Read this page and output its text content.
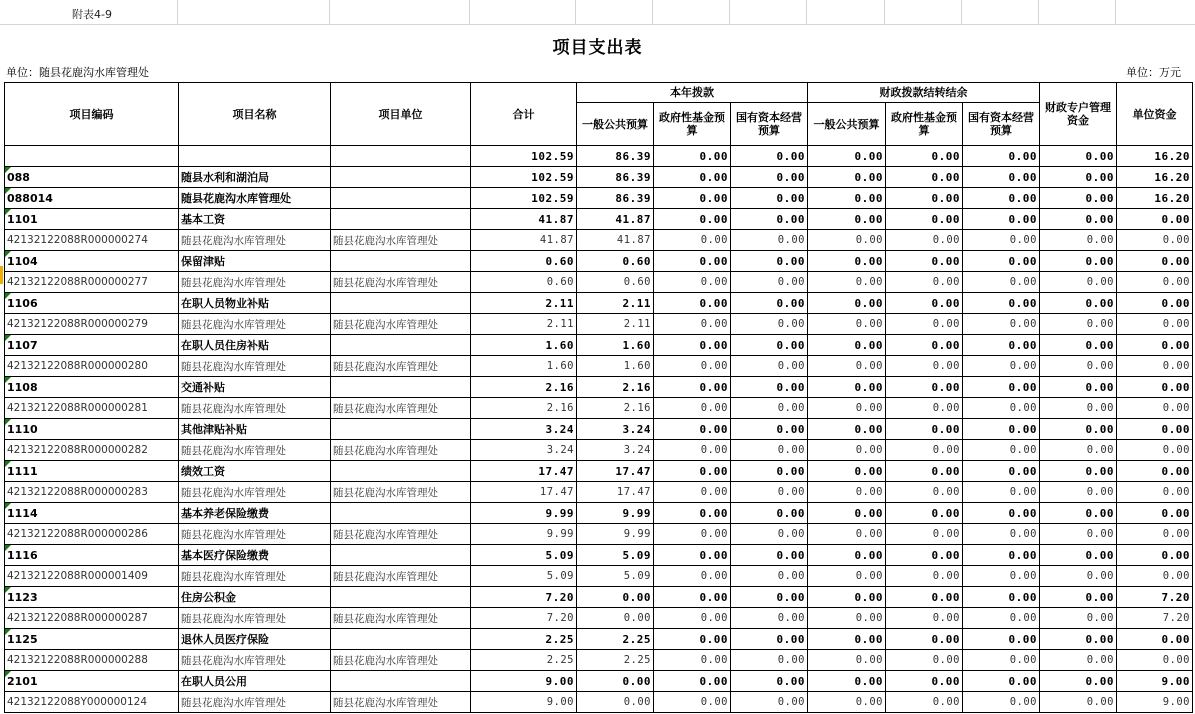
附表4-9
项目支出表
单位：随县花鹿沟水库管理处	单位：万元
项目编码	项目名称	项目单位	合计	本年拨款			财政拨款结转结余			财政专户管理资金	单位资金
				一般公共预算	政府性基金预算	国有资本经营预算	一般公共预算	政府性基金预算	国有资本经营预算		
			102.59	86.39	0.00	0.00	0.00	0.00	0.00	0.00	16.20

088	随县水利和湖泊局		102.59	86.39	0.00	0.00	0.00	0.00	0.00	0.00	16.20

088014	随县花鹿沟水库管理处		102.59	86.39	0.00	0.00	0.00	0.00	0.00	0.00	16.20

1101	基本工资		41.87	41.87	0.00	0.00	0.00	0.00	0.00	0.00	0.00
42132122088R000000274	随县花鹿沟水库管理处	随县花鹿沟水库管理处	41.87	41.87	0.00	0.00	0.00	0.00	0.00	0.00	0.00

1104	保留津贴		0.60	0.60	0.00	0.00	0.00	0.00	0.00	0.00	0.00
42132122088R000000277	随县花鹿沟水库管理处	随县花鹿沟水库管理处	0.60	0.60	0.00	0.00	0.00	0.00	0.00	0.00	0.00

1106	在职人员物业补贴		2.11	2.11	0.00	0.00	0.00	0.00	0.00	0.00	0.00
42132122088R000000279	随县花鹿沟水库管理处	随县花鹿沟水库管理处	2.11	2.11	0.00	0.00	0.00	0.00	0.00	0.00	0.00

1107	在职人员住房补贴		1.60	1.60	0.00	0.00	0.00	0.00	0.00	0.00	0.00
42132122088R000000280	随县花鹿沟水库管理处	随县花鹿沟水库管理处	1.60	1.60	0.00	0.00	0.00	0.00	0.00	0.00	0.00

1108	交通补贴		2.16	2.16	0.00	0.00	0.00	0.00	0.00	0.00	0.00
42132122088R000000281	随县花鹿沟水库管理处	随县花鹿沟水库管理处	2.16	2.16	0.00	0.00	0.00	0.00	0.00	0.00	0.00

1110	其他津贴补贴		3.24	3.24	0.00	0.00	0.00	0.00	0.00	0.00	0.00
42132122088R000000282	随县花鹿沟水库管理处	随县花鹿沟水库管理处	3.24	3.24	0.00	0.00	0.00	0.00	0.00	0.00	0.00

1111	绩效工资		17.47	17.47	0.00	0.00	0.00	0.00	0.00	0.00	0.00
42132122088R000000283	随县花鹿沟水库管理处	随县花鹿沟水库管理处	17.47	17.47	0.00	0.00	0.00	0.00	0.00	0.00	0.00

1114	基本养老保险缴费		9.99	9.99	0.00	0.00	0.00	0.00	0.00	0.00	0.00
42132122088R000000286	随县花鹿沟水库管理处	随县花鹿沟水库管理处	9.99	9.99	0.00	0.00	0.00	0.00	0.00	0.00	0.00

1116	基本医疗保险缴费		5.09	5.09	0.00	0.00	0.00	0.00	0.00	0.00	0.00
42132122088R000001409	随县花鹿沟水库管理处	随县花鹿沟水库管理处	5.09	5.09	0.00	0.00	0.00	0.00	0.00	0.00	0.00

1123	住房公积金		7.20	0.00	0.00	0.00	0.00	0.00	0.00	0.00	7.20
42132122088R000000287	随县花鹿沟水库管理处	随县花鹿沟水库管理处	7.20	0.00	0.00	0.00	0.00	0.00	0.00	0.00	7.20

1125	退休人员医疗保险		2.25	2.25	0.00	0.00	0.00	0.00	0.00	0.00	0.00
42132122088R000000288	随县花鹿沟水库管理处	随县花鹿沟水库管理处	2.25	2.25	0.00	0.00	0.00	0.00	0.00	0.00	0.00

2101	在职人员公用		9.00	0.00	0.00	0.00	0.00	0.00	0.00	0.00	9.00
42132122088Y000000124	随县花鹿沟水库管理处	随县花鹿沟水库管理处	9.00	0.00	0.00	0.00	0.00	0.00	0.00	0.00	9.00
